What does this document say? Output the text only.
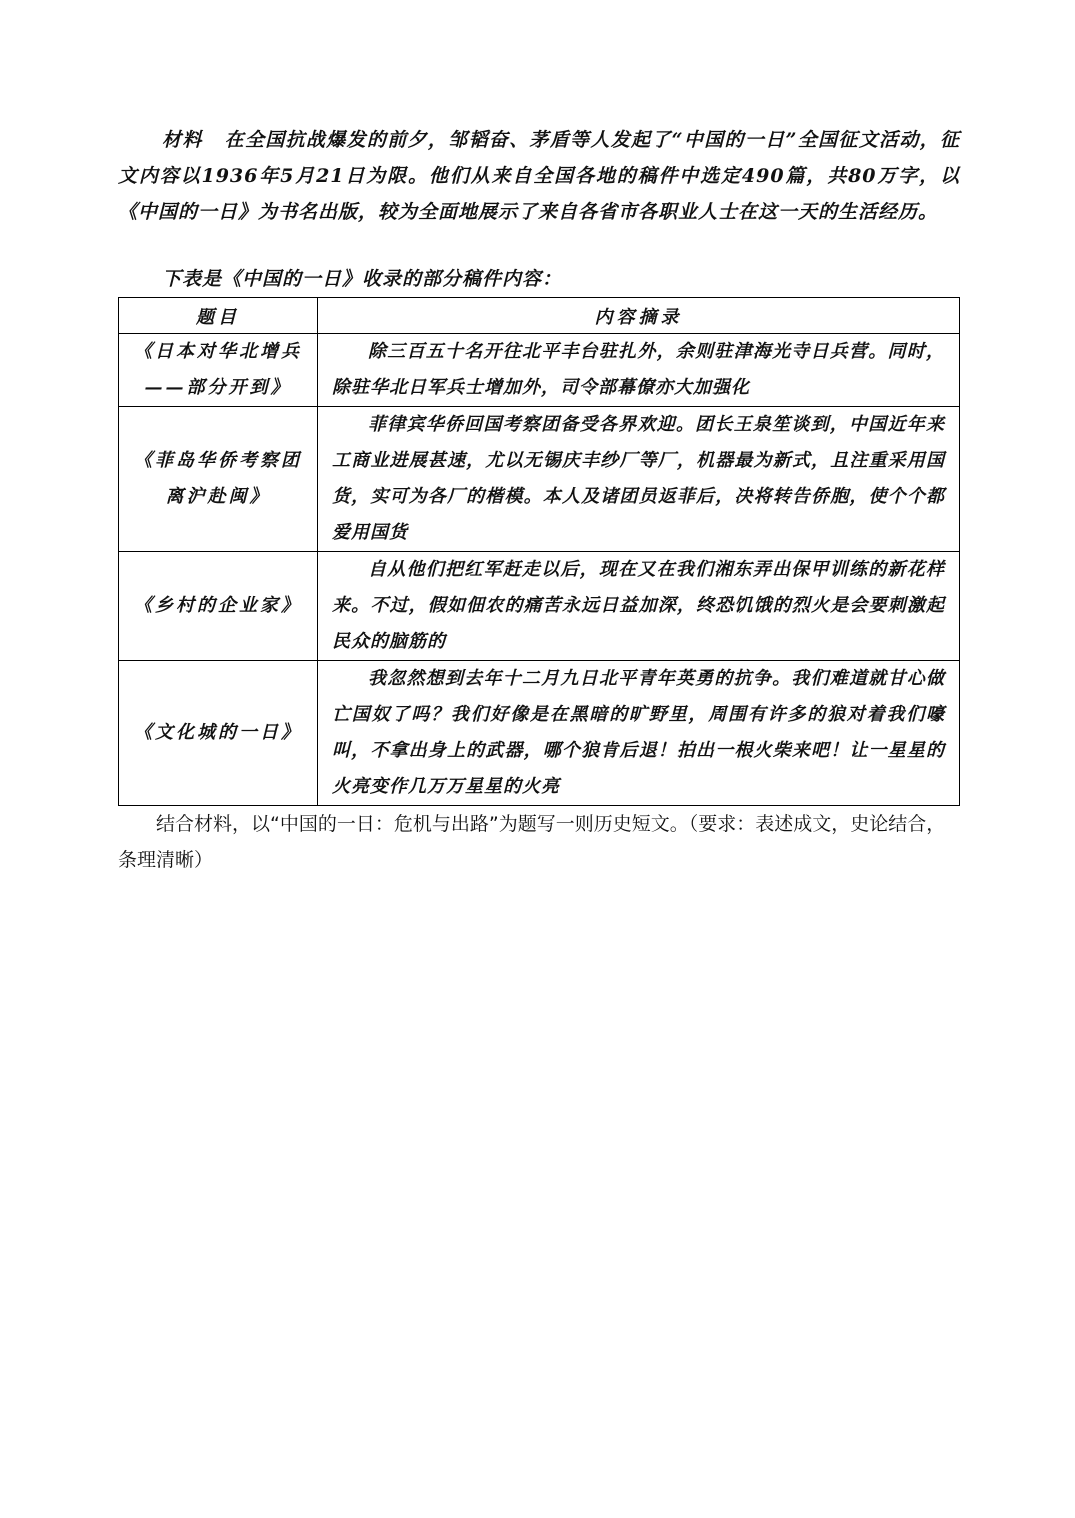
材料 在全国抗战爆发的前夕，邹韬奋、茅盾等人发起了“中国的一日”全国征文活动，征文内容以1936年5月21日为限。他们从来自全国各地的稿件中选定490篇，共80万字，以《中国的一日》为书名出版，较为全面地展示了来自各省市各职业人士在这一天的生活经历。

下表是《中国的一日》收录的部分稿件内容：
题目	内容摘录
《日本对华北增兵——部分开到》	除三百五十名开往北平丰台驻扎外，余则驻津海光寺日兵营。同时，除驻华北日军兵士增加外，司令部幕僚亦大加强化
《菲岛华侨考察团离沪赴闽》	菲律宾华侨回国考察团备受各界欢迎。团长王泉笙谈到，中国近年来工商业进展甚速，尤以无锡庆丰纱厂等厂，机器最为新式，且注重采用国货，实可为各厂的楷模。本人及诸团员返菲后，决将转告侨胞，使个个都爱用国货
《乡村的企业家》	自从他们把红军赶走以后，现在又在我们湘东弄出保甲训练的新花样来。不过，假如佃农的痛苦永远日益加深，终恐饥饿的烈火是会要刺激起民众的脑筋的
《文化城的一日》	我忽然想到去年十二月九日北平青年英勇的抗争。我们难道就甘心做亡国奴了吗？我们好像是在黑暗的旷野里，周围有许多的狼对着我们嚎叫，不拿出身上的武器，哪个狼肯后退！拍出一根火柴来吧！让一星星的火亮变作几万万星星的火亮

结合材料，以“中国的一日：危机与出路”为题写一则历史短文。（要求：表述成文，史论结合，条理清晰）
